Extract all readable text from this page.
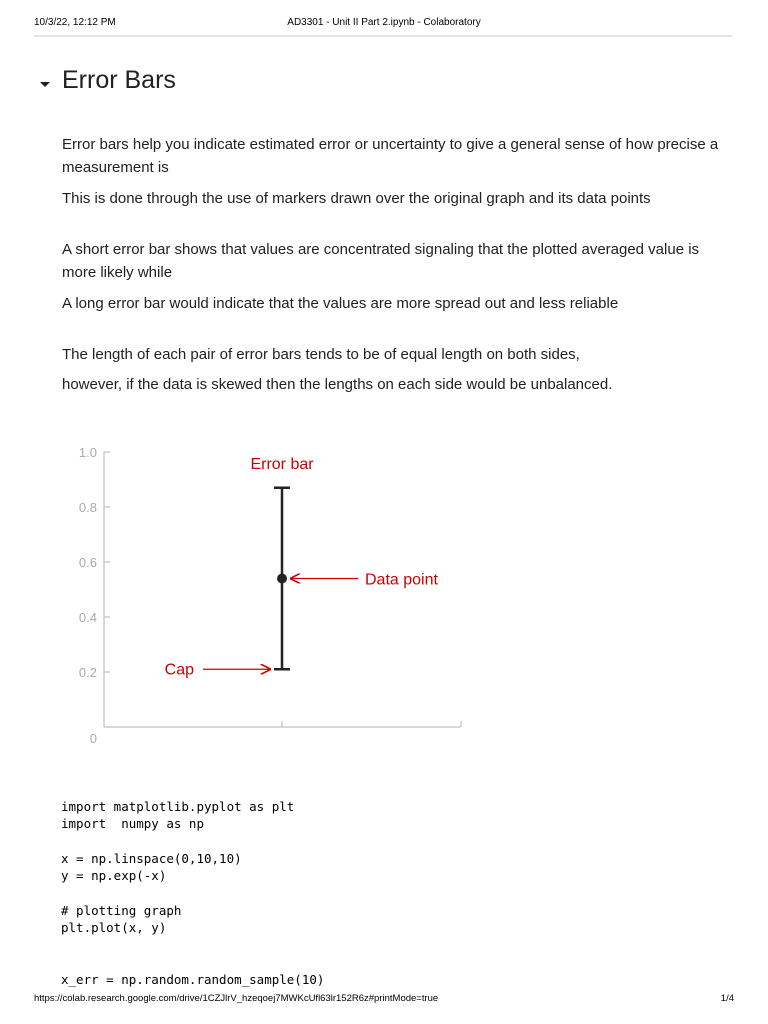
10/3/22, 12:12 PM	AD3301 - Unit II Part 2.ipynb - Colaboratory
Error Bars
Error bars help you indicate estimated error or uncertainty to give a general sense of how precise a measurement is
This is done through the use of markers drawn over the original graph and its data points
A short error bar shows that values are concentrated signaling that the plotted averaged value is more likely while
A long error bar would indicate that the values are more spread out and less reliable
The length of each pair of error bars tends to be of equal length on both sides,
however, if the data is skewed then the lengths on each side would be unbalanced.
1.0
0.8
0.6
0.4
0.2
0
Error bar
Data point
Cap
import matplotlib.pyplot as plt
import  numpy as np

x = np.linspace(0,10,10)
y = np.exp(-x)

# plotting graph
plt.plot(x, y)

x_err = np.random.random_sample(10)
https://colab.research.google.com/drive/1CZJlrV_hzeqoej7MWKcUfl63lr152R6z#printMode=true	1/4
